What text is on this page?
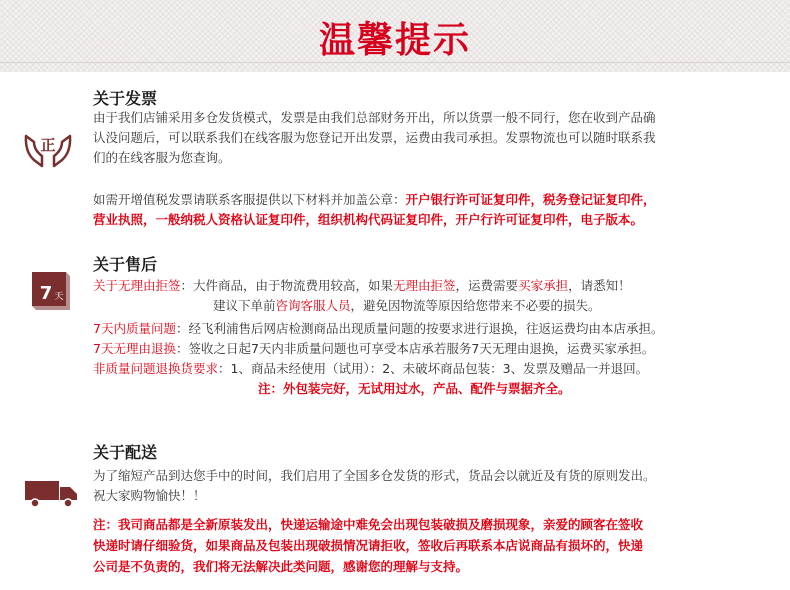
温馨提示
关于发票
正
由于我们店铺采用多仓发货模式，发票是由我们总部财务开出，所以货票一般不同行，您在收到产品确
认没问题后，可以联系我们在线客服为您登记开出发票，运费由我司承担。发票物流也可以随时联系我
们的在线客服为您查询。
如需开增值税发票请联系客服提供以下材料并加盖公章：开户银行许可证复印件，税务登记证复印件，
营业执照，一般纳税人资格认证复印件，组织机构代码证复印件，开户行许可证复印件，电子版本。
关于售后
7 天
关于无理由拒签：大件商品，由于物流费用较高，如果无理由拒签，运费需要买家承担，请悉知！
建议下单前咨询客服人员，避免因物流等原因给您带来不必要的损失。
7天内质量问题：经飞利浦售后网店检测商品出现质量问题的按要求进行退换，往返运费均由本店承担。
7天无理由退换：签收之日起7天内非质量问题也可享受本店承若服务7天无理由退换，运费买家承担。
非质量问题退换货要求：1、商品未经使用（试用）：2、未破坏商品包装：3、发票及赠品一并退回。
注：外包装完好，无试用过水，产品、配件与票据齐全。
关于配送
为了缩短产品到达您手中的时间，我们启用了全国多仓发货的形式，货品会以就近及有货的原则发出。
祝大家购物愉快！！
注：我司商品都是全新原装发出，快递运输途中难免会出现包装破损及磨损现象，亲爱的顾客在签收
快递时请仔细验货，如果商品及包装出现破损情况请拒收，签收后再联系本店说商品有损坏的，快递
公司是不负责的，我们将无法解决此类问题，感谢您的理解与支持。
